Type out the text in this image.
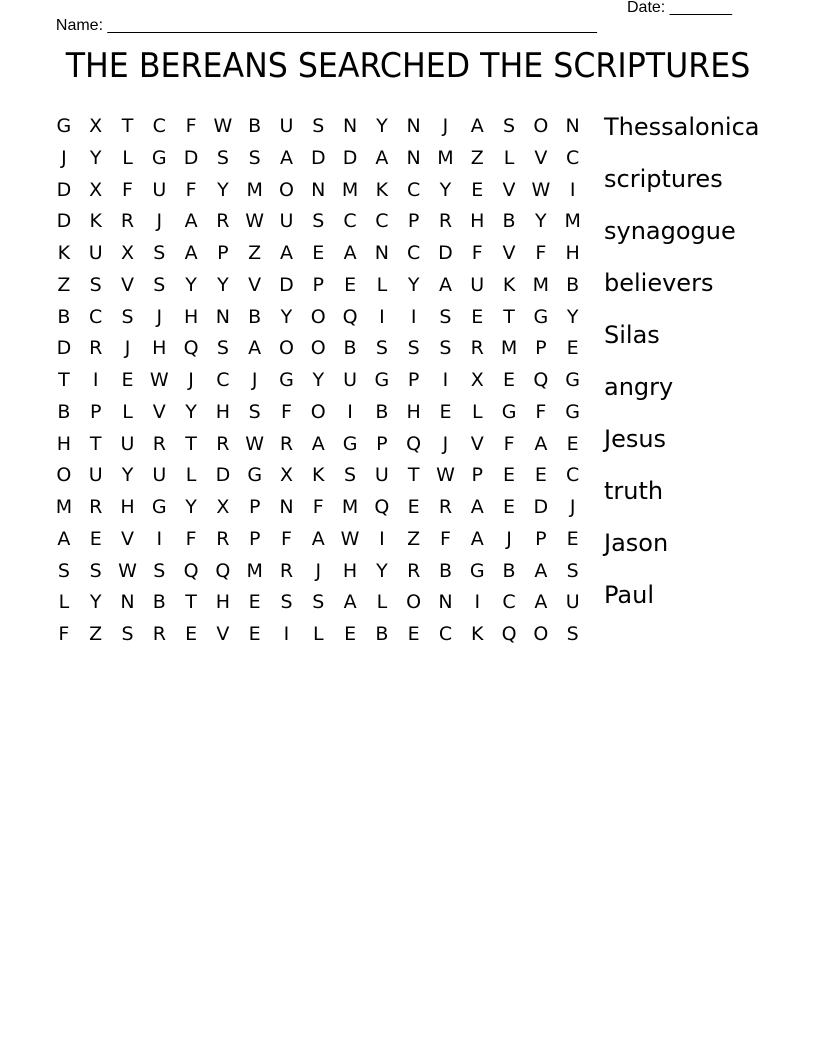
Name: _______________________________________________________

Date: _______

THE BEREANS SEARCHED THE SCRIPTURES
G X	T	C	F W B U S N Y N	J	A	S O N
J	Y	L	G D S	S	A D D A N M Z	L	V C
D X	F	U	F	Y M O N M K C	Y	E	V W	I
D K R	J	A R W U S	C C	P	R H B	Y M
K U X	S	A	P	Z A	E	A N C D	F	V	F	H
Z	S	V	S	Y	Y	V D P	E	L	Y	A U K M B
B C	S	J	H N B	Y O Q	I	I	S	E	T G Y
D R	J	H Q S	A O O B	S	S	S	R M P	E
T	I	E W	J	C	J	G Y	U G P	I	X	E Q G
B	P	L	V	Y H S	F O	I	B H E	L	G F G
H T	U R	T	R W R A G P Q	J	V	F	A	E
O U	Y	U	L	D G X	K	S U	T W P	E	E	C
M R H G Y	X	P N	F M Q E	R A	E D	J
A	E	V	I	F	R	P	F	A W	I	Z	F	A	J	P	E
S	S W S Q Q M R	J	H Y	R B G B A	S
L	Y N B	T H E	S	S	A	L	O N	I	C A U
F	Z	S	R	E	V	E	I	L	E	B	E	C K Q O S
Thessalonica
scriptures
synagogue
believers
Silas
angry
Jesus
truth
Jason
Paul
